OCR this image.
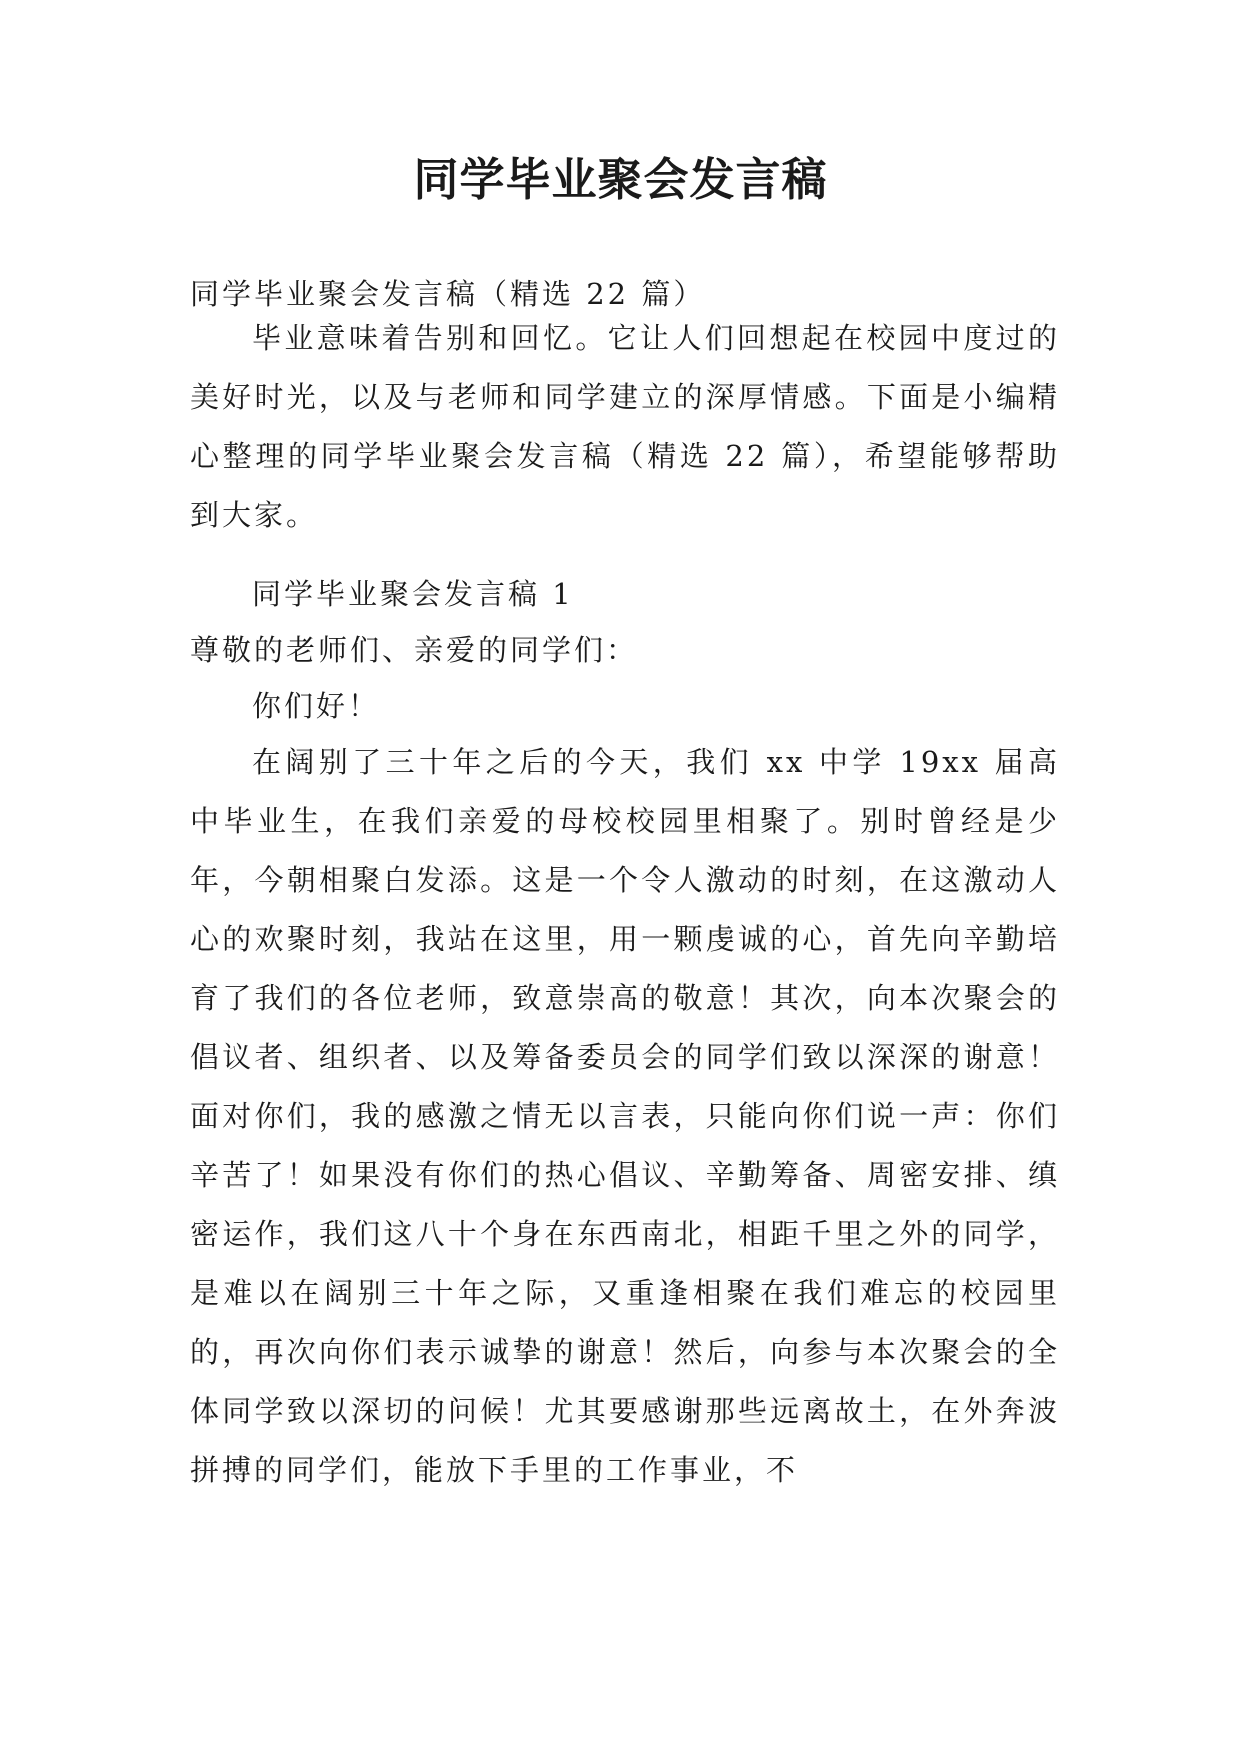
同学毕业聚会发言稿

同学毕业聚会发言稿（精选 22 篇）

毕业意味着告别和回忆。它让人们回想起在校园中度过的美好时光，以及与老师和同学建立的深厚情感。下面是小编精心整理的同学毕业聚会发言稿（精选 22 篇），希望能够帮助到大家。

同学毕业聚会发言稿 1

尊敬的老师们、亲爱的同学们：

你们好！

在阔别了三十年之后的今天，我们 xx 中学 19xx 届高中毕业生，在我们亲爱的母校校园里相聚了。别时曾经是少年，今朝相聚白发添。这是一个令人激动的时刻，在这激动人心的欢聚时刻，我站在这里，用一颗虔诚的心，首先向辛勤培育了我们的各位老师，致意崇高的敬意！其次，向本次聚会的倡议者、组织者、以及筹备委员会的同学们致以深深的谢意！面对你们，我的感激之情无以言表，只能向你们说一声：你们辛苦了！如果没有你们的热心倡议、辛勤筹备、周密安排、缜密运作，我们这八十个身在东西南北，相距千里之外的同学，是难以在阔别三十年之际，又重逢相聚在我们难忘的校园里的，再次向你们表示诚挚的谢意！然后，向参与本次聚会的全体同学致以深切的问候！尤其要感谢那些远离故土，在外奔波拼搏的同学们，能放下手里的工作事业，不
